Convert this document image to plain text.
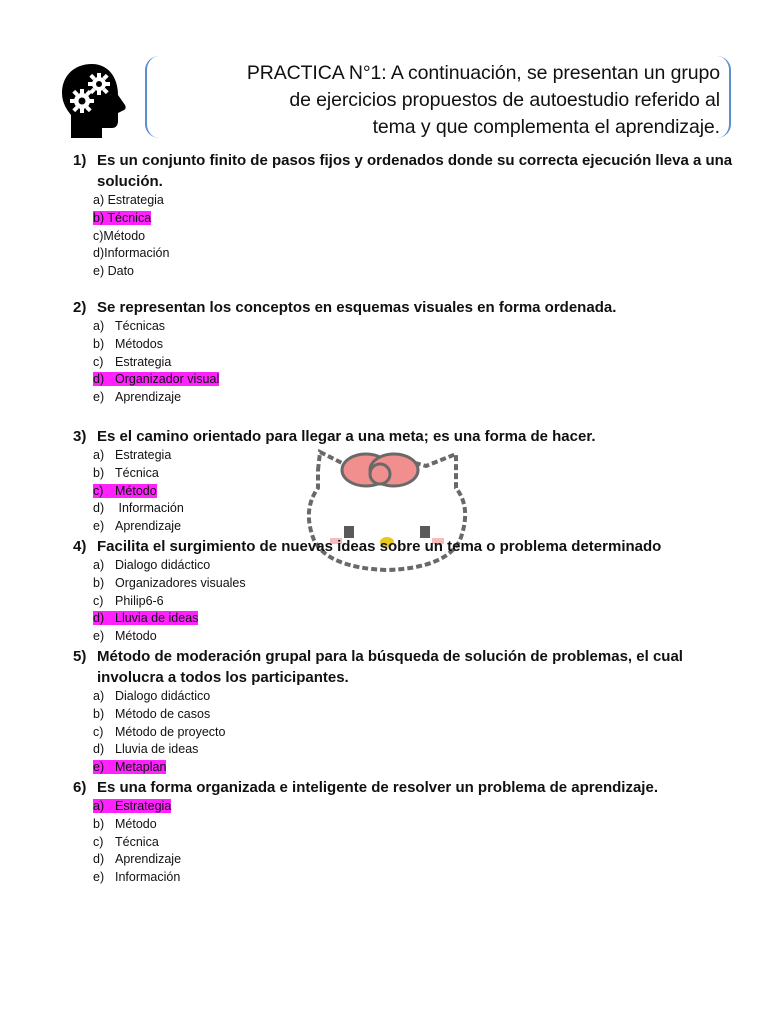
PRACTICA N°1: A continuación, se presentan un grupo
de ejercicios propuestos de autoestudio referido al
tema y que complementa el aprendizaje.
1) Es un conjunto finito de pasos fijos y ordenados donde su correcta ejecución lleva a una solución.
a) Estrategia
b) Técnica
c)Método
d)Información
e) Dato
2) Se representan los conceptos en esquemas visuales en forma ordenada.
a) Técnicas
b) Métodos
c) Estrategia
d) Organizador visual
e) Aprendizaje
3) Es el camino orientado para llegar a una meta; es una forma de hacer.
a) Estrategia
b) Técnica
c) Método
d) Información
e) Aprendizaje
4) Facilita el surgimiento de nuevas ideas sobre un tema o problema determinado
a) Dialogo didáctico
b) Organizadores visuales
c) Philip6-6
d) Lluvia de ideas
e) Método
5) Método de moderación grupal para la búsqueda de solución de problemas, el cual involucra a todos los participantes.
a) Dialogo didáctico
b) Método de casos
c) Método de proyecto
d) Lluvia de ideas
e) Metaplan
6) Es una forma organizada e inteligente de resolver un problema de aprendizaje.
a) Estrategia
b) Método
c) Técnica
d) Aprendizaje
e) Información
